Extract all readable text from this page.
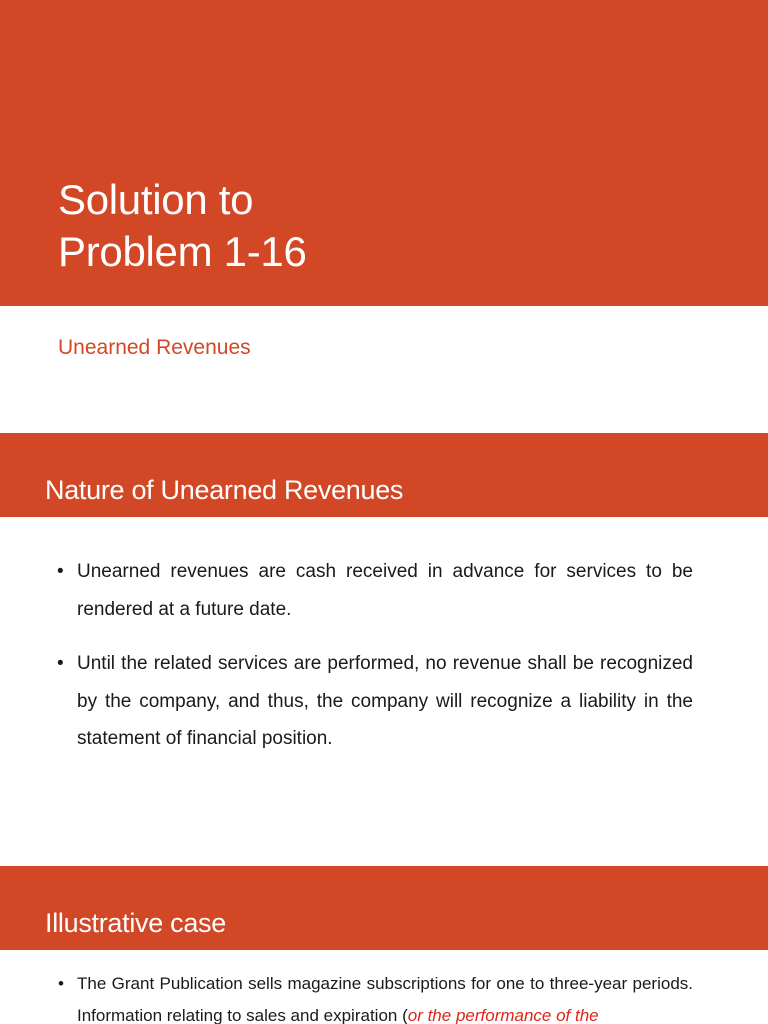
Solution to
Problem 1-16
Unearned Revenues
Nature of Unearned Revenues
• Unearned revenues are cash received in advance for services to be rendered at a future date.
• Until the related services are performed, no revenue shall be recognized by the company, and thus, the company will recognize a liability in the statement of financial position.
Illustrative case
• The Grant Publication sells magazine subscriptions for one to three-year periods. Information relating to sales and expiration (or the performance of the
